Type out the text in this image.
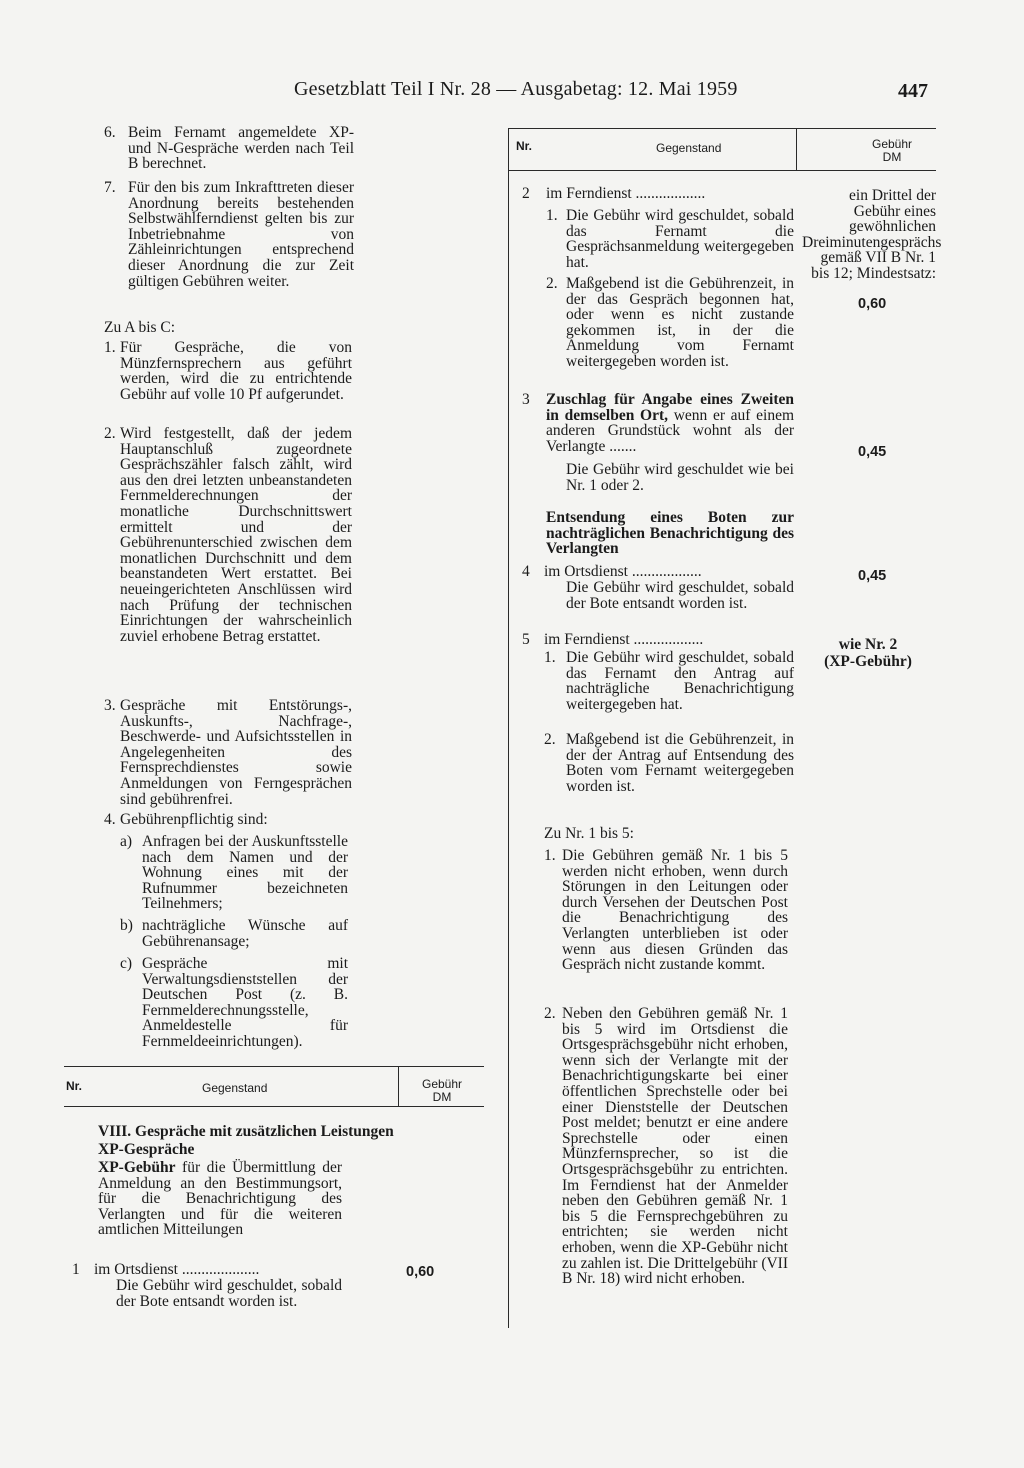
Gesetzblatt Teil I Nr. 28 — Ausgabetag: 12. Mai 1959	447
6. Beim Fernamt angemeldete XP- und N-Gespräche werden nach Teil B berechnet.
7. Für den bis zum Inkrafttreten dieser Anordnung bereits bestehenden Selbstwählferndienst gelten bis zur Inbetriebnahme von Zähleinrichtungen entsprechend dieser Anordnung die zur Zeit gültigen Gebühren weiter.
Zu A bis C:
1. Für Gespräche, die von Münzfernsprechern aus geführt werden, wird die zu entrichtende Gebühr auf volle 10 Pf aufgerundet.
2. Wird festgestellt, daß der jedem Hauptanschluß zugeordnete Gesprächszähler falsch zählt, wird aus den drei letzten unbeanstandeten Fernmelderechnungen der monatliche Durchschnittswert ermittelt und der Gebührenunterschied zwischen dem monatlichen Durchschnitt und dem beanstandeten Wert erstattet. Bei neueingerichteten Anschlüssen wird nach Prüfung der technischen Einrichtungen der wahrscheinlich zuviel erhobene Betrag erstattet.
3. Gespräche mit Entstörungs-, Auskunfts-, Nachfrage-, Beschwerde- und Aufsichtsstellen in Angelegenheiten des Fernsprechdienstes sowie Anmeldungen von Ferngesprächen sind gebührenfrei.
4. Gebührenpflichtig sind:
a) Anfragen bei der Auskunftsstelle nach dem Namen und der Wohnung eines mit der Rufnummer bezeichneten Teilnehmers;
b) nachträgliche Wünsche auf Gebührenansage;
c) Gespräche mit Verwaltungsdienststellen der Deutschen Post (z. B. Fernmelderechnungsstelle, Anmeldestelle für Fernmeldeeinrichtungen).
Nr.	Gegenstand	Gebühr
DM
VIII. Gespräche mit zusätzlichen Leistungen
XP-Gespräche
XP-Gebühr für die Übermittlung der Anmeldung an den Bestimmungsort, für die Benachrichtigung des Verlangten und für die weiteren amtlichen Mitteilungen
1 im Ortsdienst ....................
Die Gebühr wird geschuldet, sobald der Bote entsandt worden ist.
0,60
Nr.	Gegenstand	Gebühr
DM
2 im Ferndienst ..................	ein Drittel der Gebühr eines gewöhnlichen Dreiminutengesprächs gemäß VII B Nr. 1 bis 12; Mindestsatz:
0,60
1. Die Gebühr wird geschuldet, sobald das Fernamt die Gesprächsanmeldung weitergegeben hat.
2. Maßgebend ist die Gebührenzeit, in der das Gespräch begonnen hat, oder wenn es nicht zustande gekommen ist, in der die Anmeldung vom Fernamt weitergegeben worden ist.
3 Zuschlag für Angabe eines Zweiten in demselben Ort, wenn er auf einem anderen Grundstück wohnt als der Verlangte .......
Die Gebühr wird geschuldet wie bei Nr. 1 oder 2.
0,45
Entsendung eines Boten zur nachträglichen Benachrichtigung des Verlangten
4 im Ortsdienst ..................
Die Gebühr wird geschuldet, sobald der Bote entsandt worden ist.
0,45
5 im Ferndienst ..................	wie Nr. 2
(XP-Gebühr)
1. Die Gebühr wird geschuldet, sobald das Fernamt den Antrag auf nachträgliche Benachrichtigung weitergegeben hat.
2. Maßgebend ist die Gebührenzeit, in der der Antrag auf Entsendung des Boten vom Fernamt weitergegeben worden ist.
Zu Nr. 1 bis 5:
1. Die Gebühren gemäß Nr. 1 bis 5 werden nicht erhoben, wenn durch Störungen in den Leitungen oder durch Versehen der Deutschen Post die Benachrichtigung des Verlangten unterblieben ist oder wenn aus diesen Gründen das Gespräch nicht zustande kommt.
2. Neben den Gebühren gemäß Nr. 1 bis 5 wird im Ortsdienst die Ortsgesprächsgebühr nicht erhoben, wenn sich der Verlangte mit der Benachrichtigungskarte bei einer öffentlichen Sprechstelle oder bei einer Dienststelle der Deutschen Post meldet; benutzt er eine andere Sprechstelle oder einen Münzfernsprecher, so ist die Ortsgesprächsgebühr zu entrichten. Im Ferndienst hat der Anmelder neben den Gebühren gemäß Nr. 1 bis 5 die Fernsprechgebühren zu entrichten; sie werden nicht erhoben, wenn die XP-Gebühr nicht zu zahlen ist. Die Drittelgebühr (VII B Nr. 18) wird nicht erhoben.
